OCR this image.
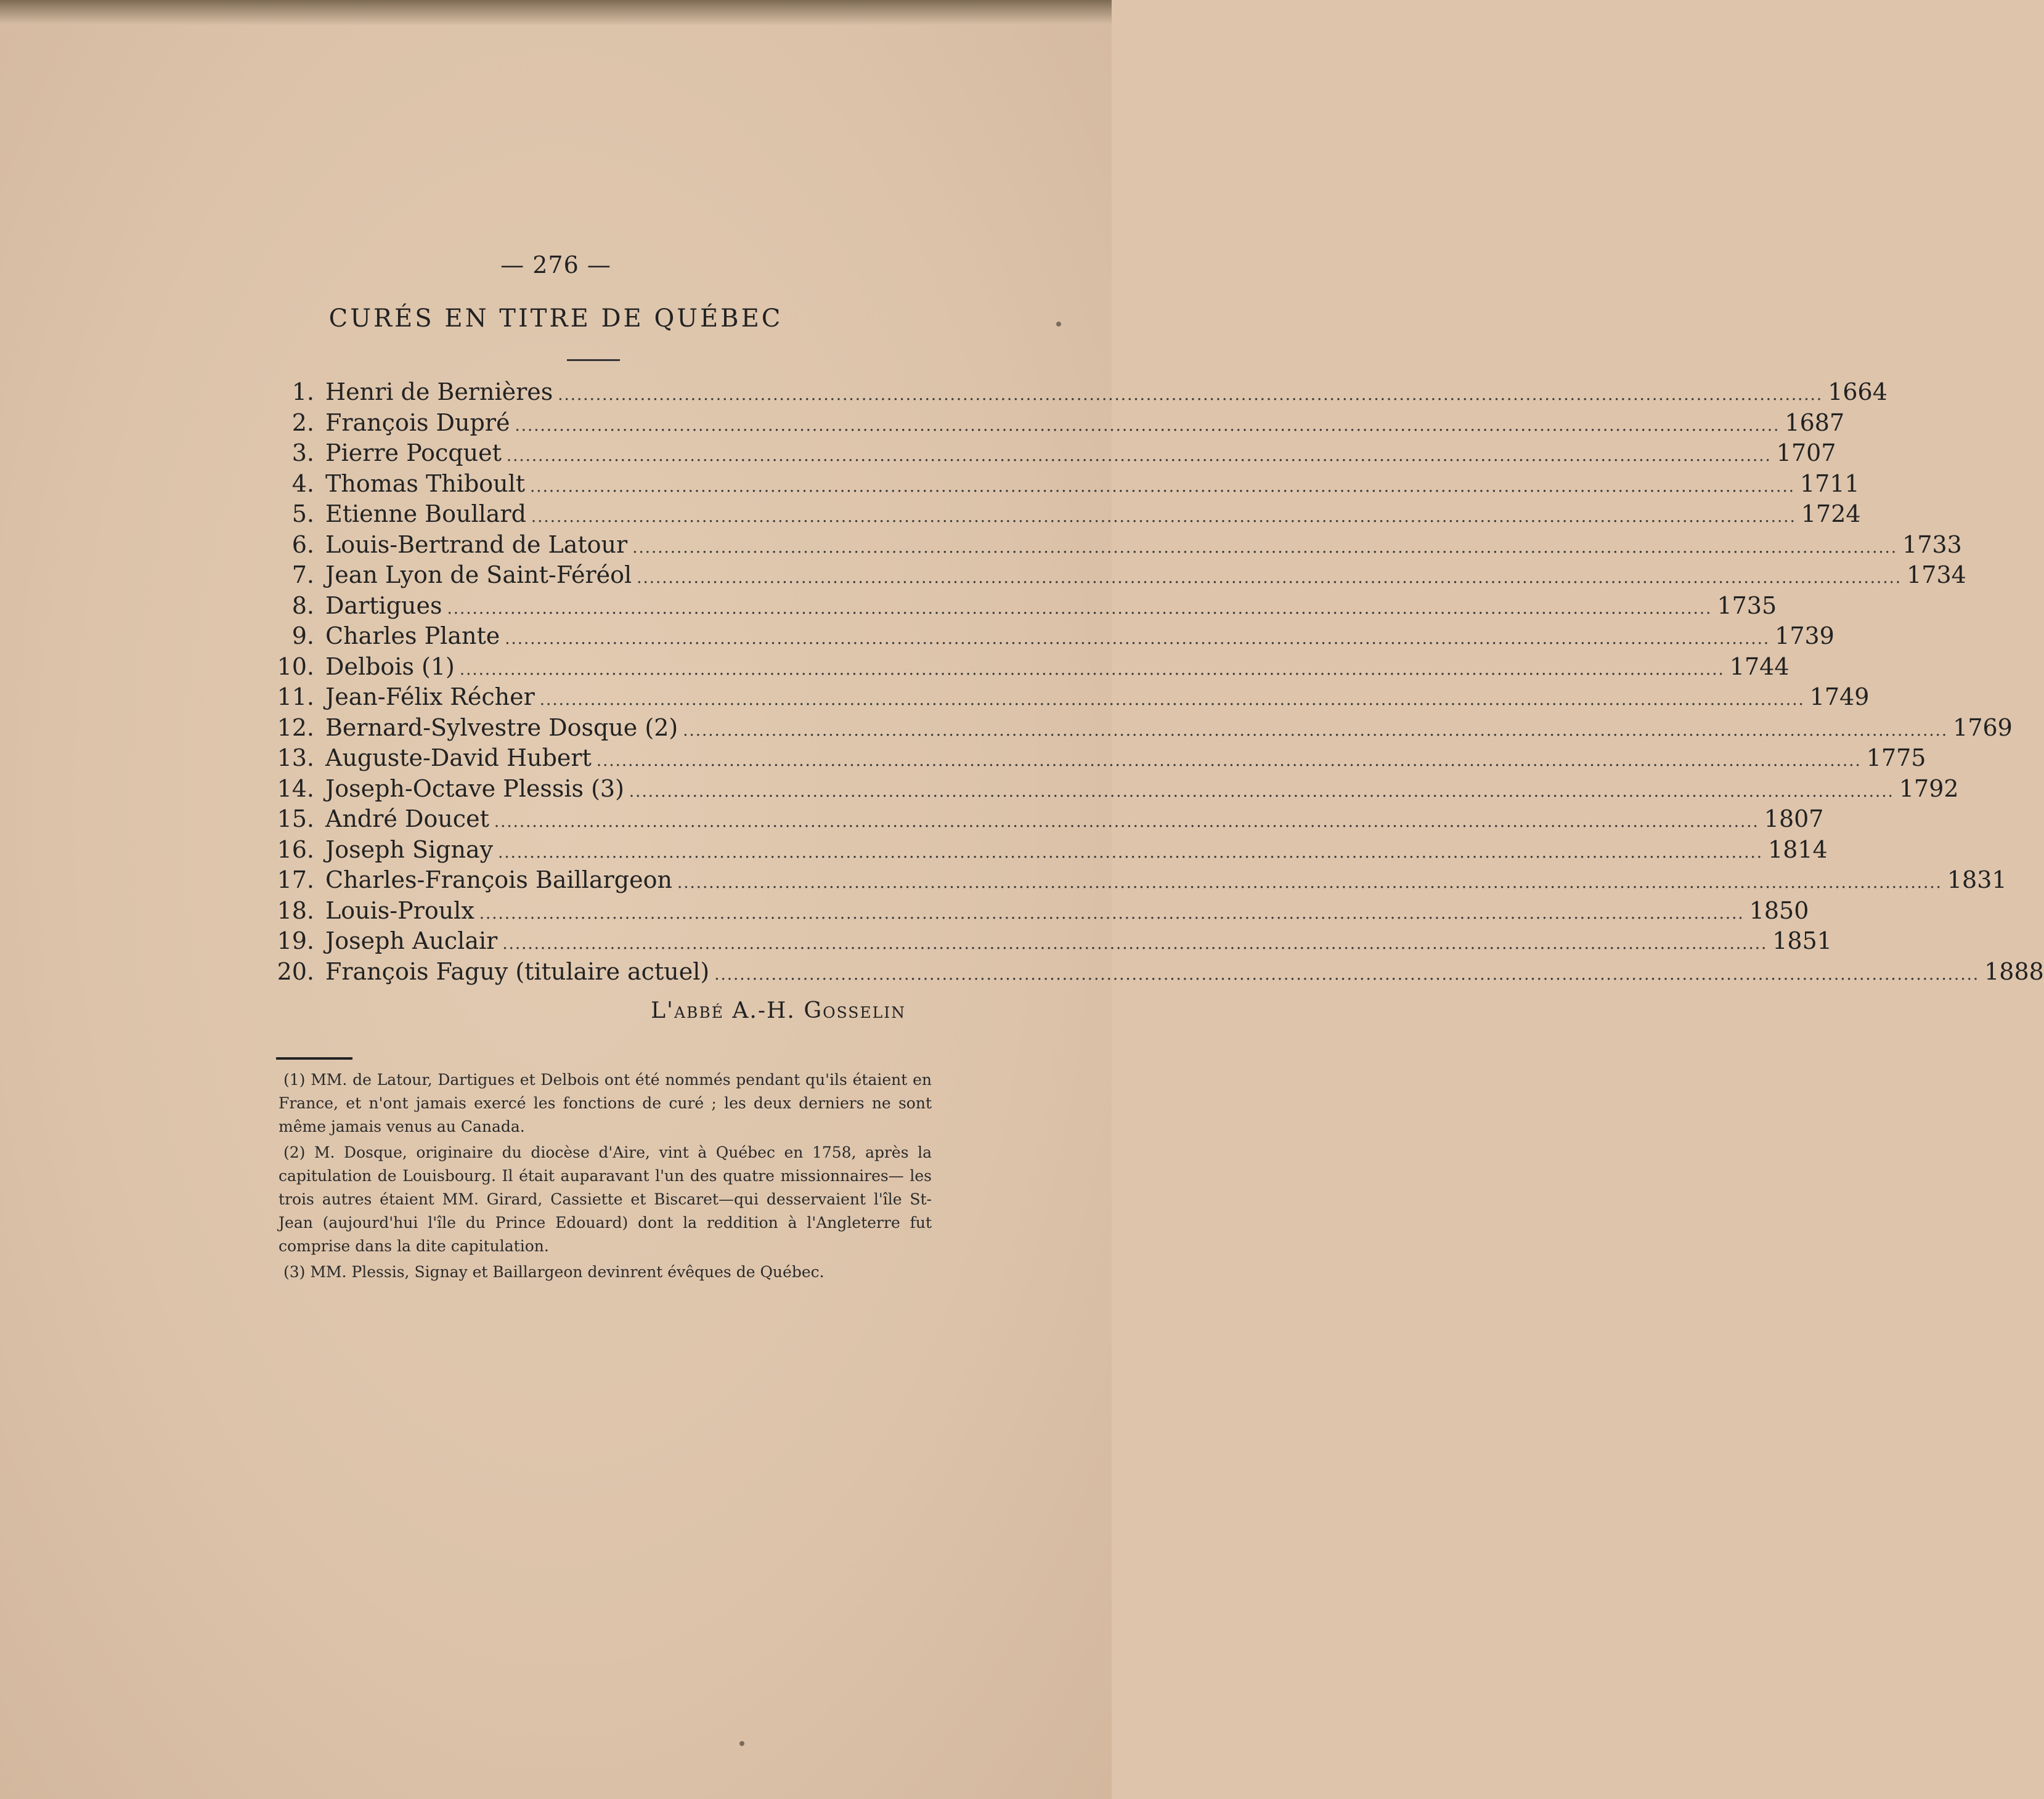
— 276 —
CURÉS EN TITRE DE QUÉBEC
1. Henri de Bernières ........................................................................................................................................................................................................ 1664
2. François Dupré ........................................................................................................................................................................................................ 1687
3. Pierre Pocquet ........................................................................................................................................................................................................ 1707
4. Thomas Thiboult ........................................................................................................................................................................................................ 1711
5. Etienne Boullard ........................................................................................................................................................................................................ 1724
6. Louis-Bertrand de Latour ........................................................................................................................................................................................................ 1733
7. Jean Lyon de Saint-Féréol ........................................................................................................................................................................................................ 1734
8. Dartigues ........................................................................................................................................................................................................ 1735
9. Charles Plante ........................................................................................................................................................................................................ 1739
10. Delbois (1) ........................................................................................................................................................................................................ 1744
11. Jean-Félix Récher ........................................................................................................................................................................................................ 1749
12. Bernard-Sylvestre Dosque (2) ........................................................................................................................................................................................................ 1769
13. Auguste-David Hubert ........................................................................................................................................................................................................ 1775
14. Joseph-Octave Plessis (3) ........................................................................................................................................................................................................ 1792
15. André Doucet ........................................................................................................................................................................................................ 1807
16. Joseph Signay ........................................................................................................................................................................................................ 1814
17. Charles-François Baillargeon ........................................................................................................................................................................................................ 1831
18. Louis-Proulx ........................................................................................................................................................................................................ 1850
19. Joseph Auclair ........................................................................................................................................................................................................ 1851
20. François Faguy (titulaire actuel) ........................................................................................................................................................................................................ 1888
L'abbé A.-H. Gosselin

(1) MM. de Latour, Dartigues et Delbois ont été nommés pendant qu'ils étaient en France, et n'ont jamais exercé les fonctions de curé ; les deux derniers ne sont même jamais venus au Canada.

(2) M. Dosque, originaire du diocèse d'Aire, vint à Québec en 1758, après la capitulation de Louisbourg. Il était auparavant l'un des quatre missionnaires— les trois autres étaient MM. Girard, Cassiette et Biscaret—qui desservaient l'île St-Jean (aujourd'hui l'île du Prince Edouard) dont la reddition à l'Angleterre fut comprise dans la dite capitulation.

(3) MM. Plessis, Signay et Baillargeon devinrent évêques de Québec.
